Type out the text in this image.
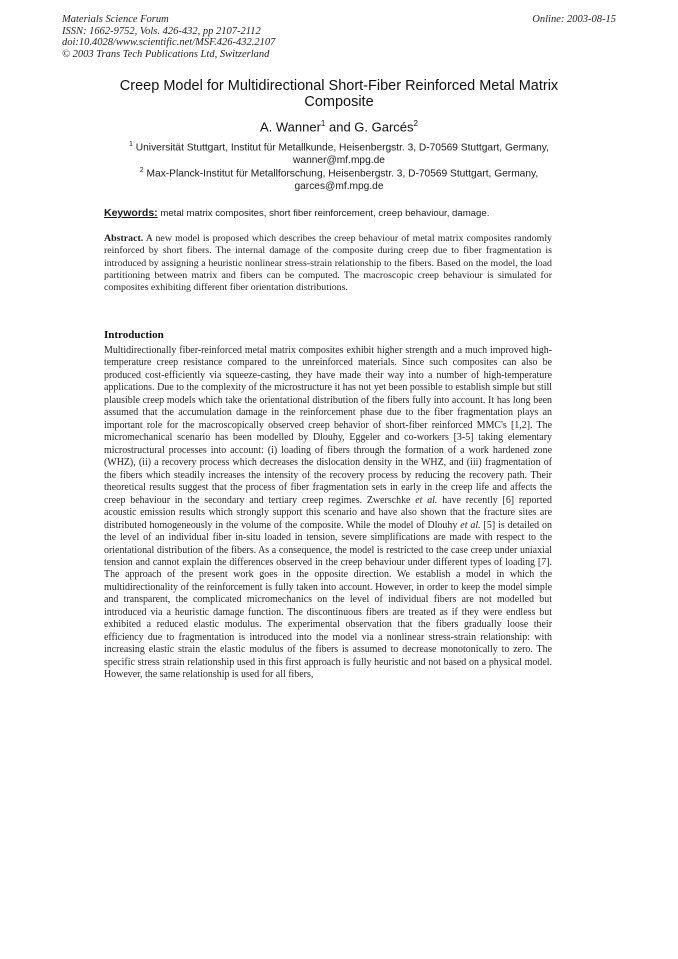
Materials Science Forum
ISSN: 1662-9752, Vols. 426-432, pp 2107-2112
doi:10.4028/www.scientific.net/MSF.426-432.2107
© 2003 Trans Tech Publications Ltd, Switzerland
Online: 2003-08-15
Creep Model for Multidirectional Short-Fiber Reinforced Metal Matrix Composite
A. Wanner$^1$ and G. Garcés$^2$
$^1$ Universität Stuttgart, Institut für Metallkunde, Heisenbergstr. 3, D-70569 Stuttgart, Germany, wanner@mf.mpg.de
$^2$ Max-Planck-Institut für Metallforschung, Heisenbergstr. 3, D-70569 Stuttgart, Germany, garces@mf.mpg.de
Keywords: metal matrix composites, short fiber reinforcement, creep behaviour, damage.
Abstract. A new model is proposed which describes the creep behaviour of metal matrix composites randomly reinforced by short fibers. The internal damage of the composite during creep due to fiber fragmentation is introduced by assigning a heuristic nonlinear stress-strain relationship to the fibers. Based on the model, the load partitioning between matrix and fibers can be computed. The macroscopic creep behaviour is simulated for composites exhibiting different fiber orientation distributions.
Introduction
Multidirectionally fiber-reinforced metal matrix composites exhibit higher strength and a much improved high-temperature creep resistance compared to the unreinforced materials. Since such composites can also be produced cost-efficiently via squeeze-casting, they have made their way into a number of high-temperature applications. Due to the complexity of the microstructure it has not yet been possible to establish simple but still plausible creep models which take the orientational distribution of the fibers fully into account. It has long been assumed that the accumulation damage in the reinforcement phase due to the fiber fragmentation plays an important role for the macroscopically observed creep behavior of short-fiber reinforced MMC's [1,2]. The micromechanical scenario has been modelled by Dlouhy, Eggeler and co-workers [3-5] taking elementary microstructural processes into account: (i) loading of fibers through the formation of a work hardened zone (WHZ), (ii) a recovery process which decreases the dislocation density in the WHZ, and (iii) fragmentation of the fibers which steadily increases the intensity of the recovery process by reducing the recovery path. Their theoretical results suggest that the process of fiber fragmentation sets in early in the creep life and affects the creep behaviour in the secondary and tertiary creep regimes. Zwerschke et al. have recently [6] reported acoustic emission results which strongly support this scenario and have also shown that the fracture sites are distributed homogeneously in the volume of the composite. While the model of Dlouhy et al. [5] is detailed on the level of an individual fiber in-situ loaded in tension, severe simplifications are made with respect to the orientational distribution of the fibers. As a consequence, the model is restricted to the case creep under uniaxial tension and cannot explain the differences observed in the creep behaviour under different types of loading [7]. The approach of the present work goes in the opposite direction. We establish a model in which the multidirectionality of the reinforcement is fully taken into account. However, in order to keep the model simple and transparent, the complicated micromechanics on the level of individual fibers are not modelled but introduced via a heuristic damage function. The discontinuous fibers are treated as if they were endless but exhibited a reduced elastic modulus. The experimental observation that the fibers gradually loose their efficiency due to fragmentation is introduced into the model via a nonlinear stress-strain relationship: with increasing elastic strain the elastic modulus of the fibers is assumed to decrease monotonically to zero. The specific stress strain relationship used in this first approach is fully heuristic and not based on a physical model. However, the same relationship is used for all fibers,
